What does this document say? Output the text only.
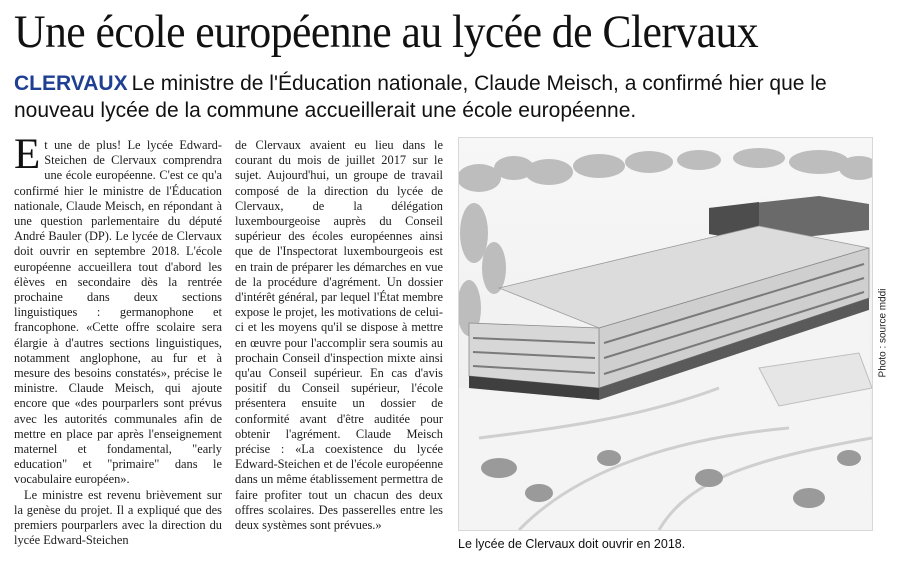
Une école européenne au lycée de Clervaux
CLERVAUX Le ministre de l'Éducation nationale, Claude Meisch, a confirmé hier que le nouveau lycée de la commune accueillerait une école européenne.

Et une de plus! Le lycée Edward-Steichen de Clervaux comprendra une école européenne. C'est ce qu'a confirmé hier le ministre de l'Éducation nationale, Claude Meisch, en répondant à une question parlementaire du député André Bauler (DP). Le lycée de Clervaux doit ouvrir en septembre 2018. L'école européenne accueillera tout d'abord les élèves en secondaire dès la rentrée prochaine dans deux sections linguistiques : germanophone et francophone. «Cette offre scolaire sera élargie à d'autres sections linguistiques, notamment anglophone, au fur et à mesure des besoins constatés», précise le ministre. Claude Meisch, qui ajoute encore que «des pourparlers sont prévus avec les autorités communales afin de mettre en place par après l'enseignement maternel et fondamental, "early education" et "primaire" dans le vocabulaire européen».

Le ministre est revenu brièvement sur la genèse du projet. Il a expliqué que des premiers pourparlers avec la direction du lycée Edward-Steichen

de Clervaux avaient eu lieu dans le courant du mois de juillet 2017 sur le sujet. Aujourd'hui, un groupe de travail composé de la direction du lycée de Clervaux, de la délégation luxembourgeoise auprès du Conseil supérieur des écoles européennes ainsi que de l'Inspectorat luxembourgeois est en train de préparer les démarches en vue de la procédure d'agrément. Un dossier d'intérêt général, par lequel l'État membre expose le projet, les motivations de celui-ci et les moyens qu'il se dispose à mettre en œuvre pour l'accomplir sera soumis au prochain Conseil d'inspection mixte ainsi qu'au Conseil supérieur. En cas d'avis positif du Conseil supérieur, l'école présentera ensuite un dossier de conformité avant d'être auditée pour obtenir l'agrément. Claude Meisch précise : «La coexistence du lycée Edward-Steichen et de l'école européenne dans un même établissement permettra de faire profiter tout un chacun des deux offres scolaires. Des passerelles entre les deux systèmes sont prévues.»

Photo : source mddi
Le lycée de Clervaux doit ouvrir en 2018.
